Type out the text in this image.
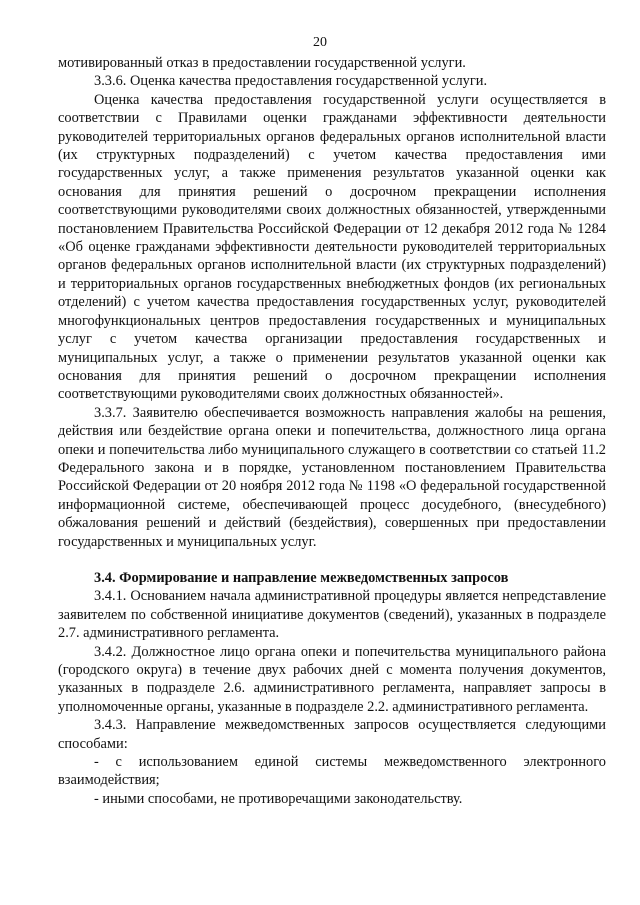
20

мотивированный отказ в предоставлении государственной услуги.

3.3.6. Оценка качества предоставления государственной услуги.

Оценка качества предоставления государственной услуги осуществляется в соответствии с Правилами оценки гражданами эффективности деятельности руководителей территориальных органов федеральных органов исполнительной власти (их структурных подразделений) с учетом качества предоставления ими государственных услуг, а также применения результатов указанной оценки как основания для принятия решений о досрочном прекращении исполнения соответствующими руководителями своих должностных обязанностей, утвержденными постановлением Правительства Российской Федерации от 12 декабря 2012 года № 1284 «Об оценке гражданами эффективности деятельности руководителей территориальных органов федеральных органов исполнительной власти (их структурных подразделений) и территориальных органов государственных внебюджетных фондов (их региональных отделений) с учетом качества предоставления государственных услуг, руководителей многофункциональных центров предоставления государственных и муниципальных услуг с учетом качества организации предоставления государственных и муниципальных услуг, а также о применении результатов указанной оценки как основания для принятия решений о досрочном прекращении исполнения соответствующими руководителями своих должностных обязанностей».

3.3.7. Заявителю обеспечивается возможность направления жалобы на решения, действия или бездействие органа опеки и попечительства, должностного лица органа опеки и попечительства либо муниципального служащего в соответствии со статьей 11.2 Федерального закона и в порядке, установленном постановлением Правительства Российской Федерации от 20 ноября 2012 года № 1198 «О федеральной государственной информационной системе, обеспечивающей процесс досудебного, (внесудебного) обжалования решений и действий (бездействия), совершенных при предоставлении государственных и муниципальных услуг.

3.4. Формирование и направление межведомственных запросов

3.4.1. Основанием начала административной процедуры является непредставление заявителем по собственной инициативе документов (сведений), указанных в подразделе 2.7. административного регламента.

3.4.2. Должностное лицо органа опеки и попечительства муниципального района (городского округа) в течение двух рабочих дней с момента получения документов, указанных в подразделе 2.6. административного регламента, направляет запросы в уполномоченные органы, указанные в подразделе 2.2. административного регламента.

3.4.3. Направление межведомственных запросов осуществляется следующими способами:

- с использованием единой системы межведомственного электронного взаимодействия;

- иными способами, не противоречащими законодательству.
